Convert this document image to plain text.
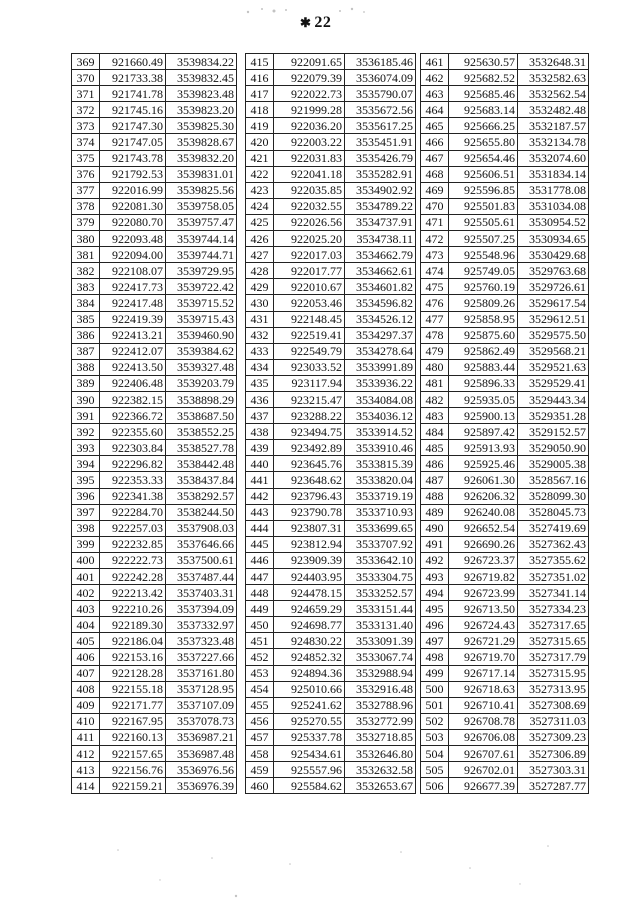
✱ 22
369	921660.49	3539834.22
370	921733.38	3539832.45
371	921741.78	3539823.48
372	921745.16	3539823.20
373	921747.30	3539825.30
374	921747.05	3539828.67
375	921743.78	3539832.20
376	921792.53	3539831.01
377	922016.99	3539825.56
378	922081.30	3539758.05
379	922080.70	3539757.47
380	922093.48	3539744.14
381	922094.00	3539744.71
382	922108.07	3539729.95
383	922417.73	3539722.42
384	922417.48	3539715.52
385	922419.39	3539715.43
386	922413.21	3539460.90
387	922412.07	3539384.62
388	922413.50	3539327.48
389	922406.48	3539203.79
390	922382.15	3538898.29
391	922366.72	3538687.50
392	922355.60	3538552.25
393	922303.84	3538527.78
394	922296.82	3538442.48
395	922353.33	3538437.84
396	922341.38	3538292.57
397	922284.70	3538244.50
398	922257.03	3537908.03
399	922232.85	3537646.66
400	922222.73	3537500.61
401	922242.28	3537487.44
402	922213.42	3537403.31
403	922210.26	3537394.09
404	922189.30	3537332.97
405	922186.04	3537323.48
406	922153.16	3537227.66
407	922128.28	3537161.80
408	922155.18	3537128.95
409	922171.77	3537107.09
410	922167.95	3537078.73
411	922160.13	3536987.21
412	922157.65	3536987.48
413	922156.76	3536976.56
414	922159.21	3536976.39
415	922091.65	3536185.46
416	922079.39	3536074.09
417	922022.73	3535790.07
418	921999.28	3535672.56
419	922036.20	3535617.25
420	922003.22	3535451.91
421	922031.83	3535426.79
422	922041.18	3535282.91
423	922035.85	3534902.92
424	922032.55	3534789.22
425	922026.56	3534737.91
426	922025.20	3534738.11
427	922017.03	3534662.79
428	922017.77	3534662.61
429	922010.67	3534601.82
430	922053.46	3534596.82
431	922148.45	3534526.12
432	922519.41	3534297.37
433	922549.79	3534278.64
434	923033.52	3533991.89
435	923117.94	3533936.22
436	923215.47	3534084.08
437	923288.22	3534036.12
438	923494.75	3533914.52
439	923492.89	3533910.46
440	923645.76	3533815.39
441	923648.62	3533820.04
442	923796.43	3533719.19
443	923790.78	3533710.93
444	923807.31	3533699.65
445	923812.94	3533707.92
446	923909.39	3533642.10
447	924403.95	3533304.75
448	924478.15	3533252.57
449	924659.29	3533151.44
450	924698.77	3533131.40
451	924830.22	3533091.39
452	924852.32	3533067.74
453	924894.36	3532988.94
454	925010.66	3532916.48
455	925241.62	3532788.96
456	925270.55	3532772.99
457	925337.78	3532718.85
458	925434.61	3532646.80
459	925557.96	3532632.58
460	925584.62	3532653.67
461	925630.57	3532648.31
462	925682.52	3532582.63
463	925685.46	3532562.54
464	925683.14	3532482.48
465	925666.25	3532187.57
466	925655.80	3532134.78
467	925654.46	3532074.60
468	925606.51	3531834.14
469	925596.85	3531778.08
470	925501.83	3531034.08
471	925505.61	3530954.52
472	925507.25	3530934.65
473	925548.96	3530429.68
474	925749.05	3529763.68
475	925760.19	3529726.61
476	925809.26	3529617.54
477	925858.95	3529612.51
478	925875.60	3529575.50
479	925862.49	3529568.21
480	925883.44	3529521.63
481	925896.33	3529529.41
482	925935.05	3529443.34
483	925900.13	3529351.28
484	925897.42	3529152.57
485	925913.93	3529050.90
486	925925.46	3529005.38
487	926061.30	3528567.16
488	926206.32	3528099.30
489	926240.08	3528045.73
490	926652.54	3527419.69
491	926690.26	3527362.43
492	926723.37	3527355.62
493	926719.82	3527351.02
494	926723.99	3527341.14
495	926713.50	3527334.23
496	926724.43	3527317.65
497	926721.29	3527315.65
498	926719.70	3527317.79
499	926717.14	3527315.95
500	926718.63	3527313.95
501	926710.41	3527308.69
502	926708.78	3527311.03
503	926706.08	3527309.23
504	926707.61	3527306.89
505	926702.01	3527303.31
506	926677.39	3527287.77
